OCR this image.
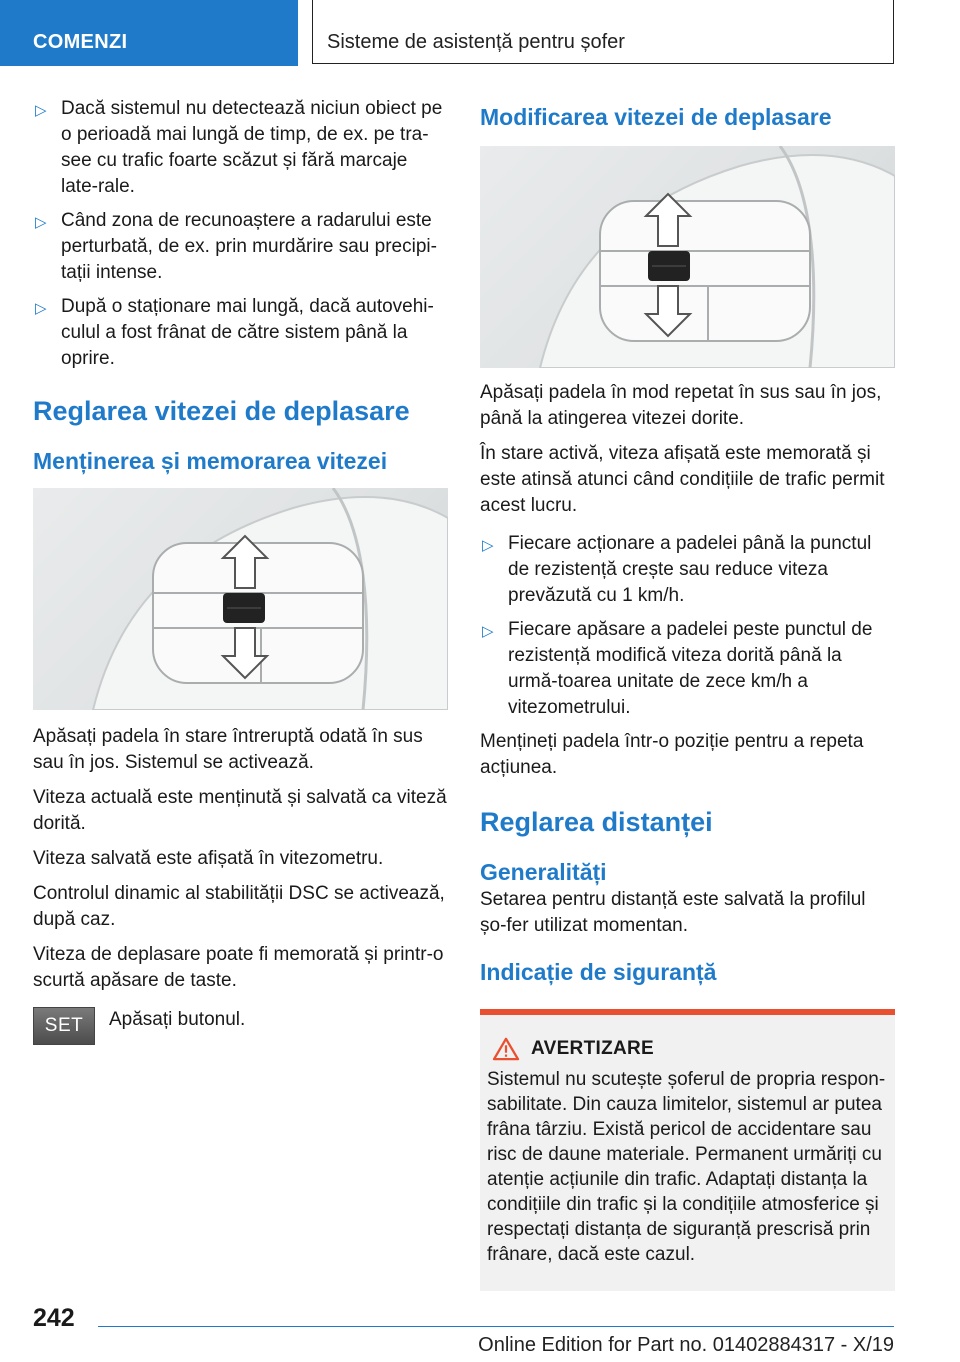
COMENZI	Sisteme de asistență pentru șofer
▷ Dacă sistemul nu detectează niciun obiect pe o perioadă mai lungă de timp, de ex. pe tra-see cu trafic foarte scăzut și fără marcaje late-rale.
▷ Când zona de recunoaștere a radarului este perturbată, de ex. prin murdărire sau precipi-tații intense.
▷ După o staționare mai lungă, dacă autovehi-culul a fost frânat de către sistem până la oprire.
Reglarea vitezei de deplasare
Menținerea și memorarea vitezei

Apăsați padela în stare întreruptă odată în sus sau în jos. Sistemul se activează.

Viteza actuală este menținută și salvată ca viteză dorită.

Viteza salvată este afișată în vitezometru.

Controlul dinamic al stabilității DSC se activează, după caz.

Viteza de deplasare poate fi memorată și printr-o scurtă apăsare de taste.

SET	Apăsați butonul.
Modificarea vitezei de deplasare

Apăsați padela în mod repetat în sus sau în jos, până la atingerea vitezei dorite.

În stare activă, viteza afișată este memorată și este atinsă atunci când condițiile de trafic permit acest lucru.

▷ Fiecare acționare a padelei până la punctul de rezistență crește sau reduce viteza prevăzută cu 1 km/h.
▷ Fiecare apăsare a padelei peste punctul de rezistență modifică viteza dorită până la urmă-toarea unitate de zece km/h a vitezometrului.

Mențineți padela într-o poziție pentru a repeta acțiunea.

Reglarea distanței
Generalități

Setarea pentru distanță este salvată la profilul șo-fer utilizat momentan.

Indicație de siguranță
AVERTIZARE

Sistemul nu scutește șoferul de propria respon-sabilitate. Din cauza limitelor, sistemul ar putea frâna târziu. Există pericol de accidentare sau risc de daune materiale. Permanent urmăriți cu atenție acțiunile din trafic. Adaptați distanța la condițiile din trafic și la condițiile atmosferice și respectați distanța de siguranță prescrisă prin frânare, dacă este cazul.

242
Online Edition for Part no. 01402884317 - X/19
